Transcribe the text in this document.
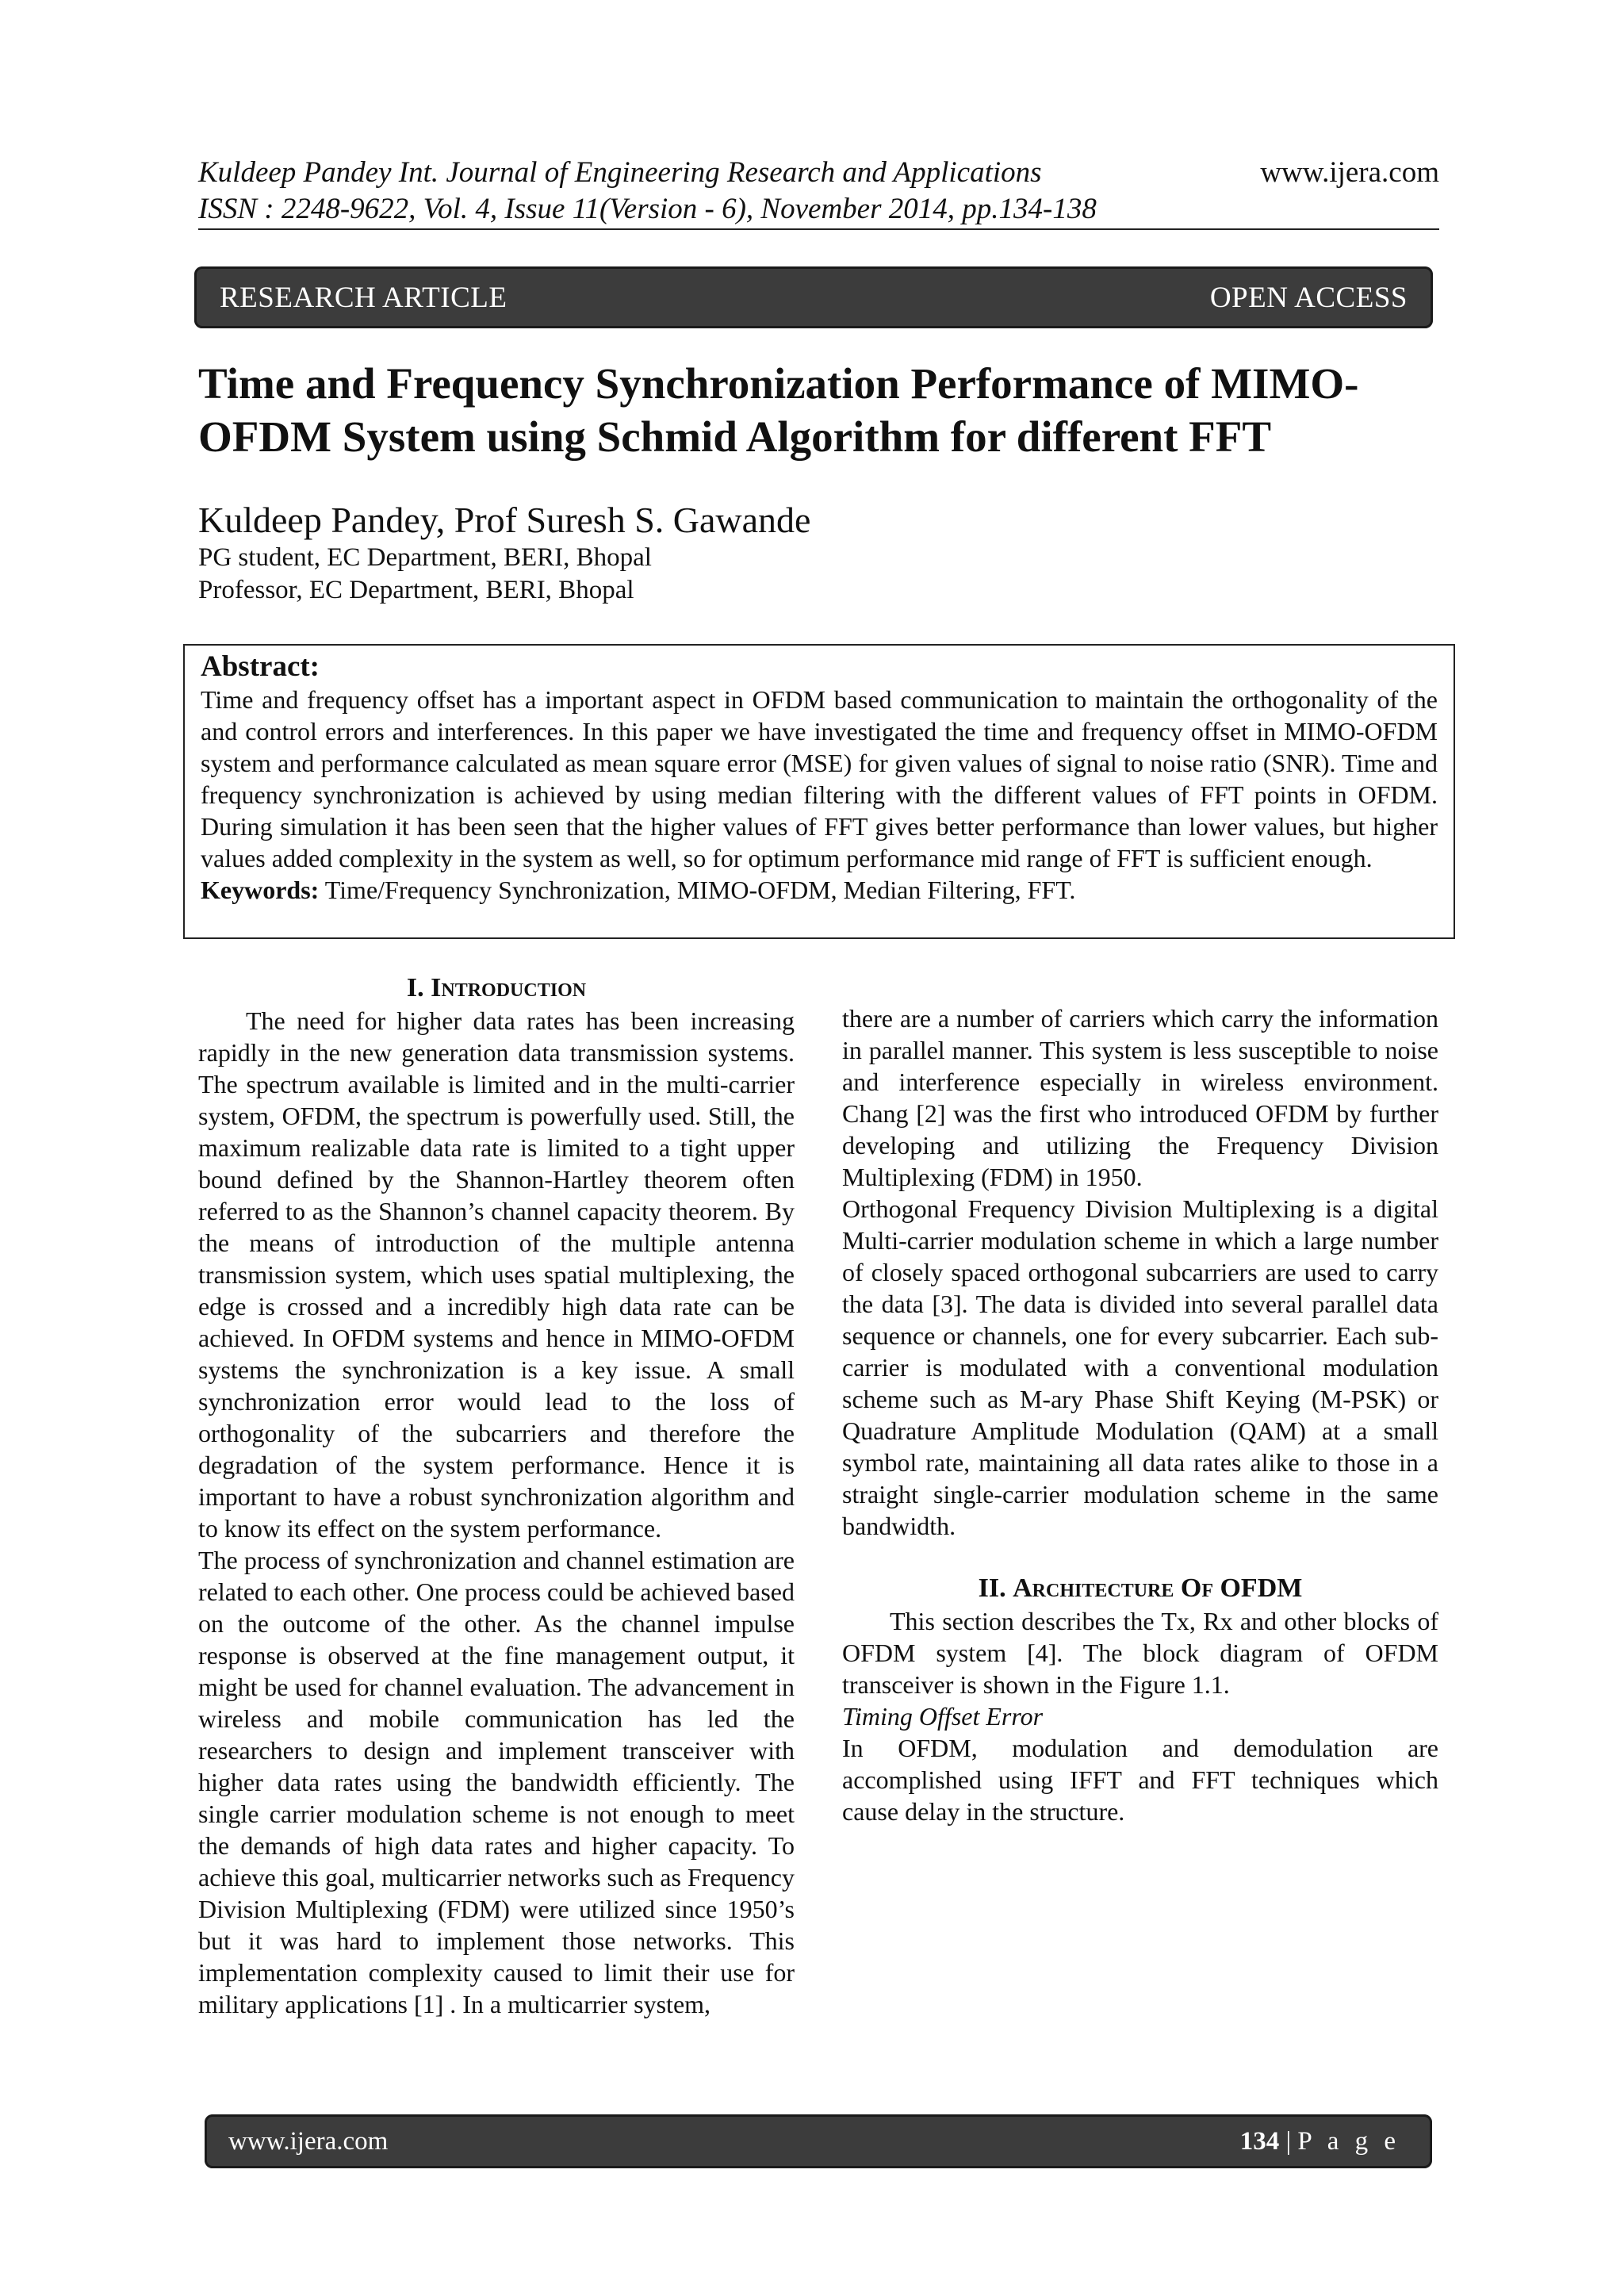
Kuldeep Pandey Int. Journal of Engineering Research and Applications	www.ijera.com
ISSN : 2248-9622, Vol. 4, Issue 11(Version - 6), November 2014, pp.134-138
RESEARCH ARTICLE	OPEN ACCESS
Time and Frequency Synchronization Performance of MIMO-OFDM System using Schmid Algorithm for different FFT
Kuldeep Pandey, Prof Suresh S. Gawande
PG student, EC Department, BERI, Bhopal
Professor, EC Department, BERI, Bhopal
Abstract:
Time and frequency offset has a important aspect in OFDM based communication to maintain the orthogonality of the and control errors and interferences. In this paper we have investigated the time and frequency offset in MIMO-OFDM system and performance calculated as mean square error (MSE) for given values of signal to noise ratio (SNR). Time and frequency synchronization is achieved by using median filtering with the different values of FFT points in OFDM. During simulation it has been seen that the higher values of FFT gives better performance than lower values, but higher values added complexity in the system as well, so for optimum performance mid range of FFT is sufficient enough.
Keywords: Time/Frequency Synchronization, MIMO-OFDM, Median Filtering, FFT.
I. Introduction

The need for higher data rates has been increasing rapidly in the new generation data transmission systems. The spectrum available is limited and in the multi-carrier system, OFDM, the spectrum is powerfully used. Still, the maximum realizable data rate is limited to a tight upper bound defined by the Shannon-Hartley theorem often referred to as the Shannon’s channel capacity theorem. By the means of introduction of the multiple antenna transmission system, which uses spatial multiplexing, the edge is crossed and a incredibly high data rate can be achieved. In OFDM systems and hence in MIMO-OFDM systems the synchronization is a key issue. A small synchronization error would lead to the loss of orthogonality of the subcarriers and therefore the degradation of the system performance. Hence it is important to have a robust synchronization algorithm and to know its effect on the system performance.

The process of synchronization and channel estimation are related to each other. One process could be achieved based on the outcome of the other. As the channel impulse response is observed at the fine management output, it might be used for channel evaluation. The advancement in wireless and mobile communication has led the researchers to design and implement transceiver with higher data rates using the bandwidth efficiently. The single carrier modulation scheme is not enough to meet the demands of high data rates and higher capacity. To achieve this goal, multicarrier networks such as Frequency Division Multiplexing (FDM) were utilized since 1950’s but it was hard to implement those networks. This implementation complexity caused to limit their use for military applications [1] . In a multicarrier system,

there are a number of carriers which carry the information in parallel manner. This system is less susceptible to noise and interference especially in wireless environment. Chang [2] was the first who introduced OFDM by further developing and utilizing the Frequency Division Multiplexing (FDM) in 1950.

Orthogonal Frequency Division Multiplexing is a digital Multi-carrier modulation scheme in which a large number of closely spaced orthogonal subcarriers are used to carry the data [3]. The data is divided into several parallel data sequence or channels, one for every subcarrier. Each sub-carrier is modulated with a conventional modulation scheme such as M-ary Phase Shift Keying (M-PSK) or Quadrature Amplitude Modulation (QAM) at a small symbol rate, maintaining all data rates alike to those in a straight single-carrier modulation scheme in the same bandwidth.

II. Architecture Of OFDM

This section describes the Tx, Rx and other blocks of OFDM system [4]. The block diagram of OFDM transceiver is shown in the Figure 1.1.

Timing Offset Error

In OFDM, modulation and demodulation are accomplished using IFFT and FFT techniques which cause delay in the structure.

www.ijera.com	134 | P a g e
